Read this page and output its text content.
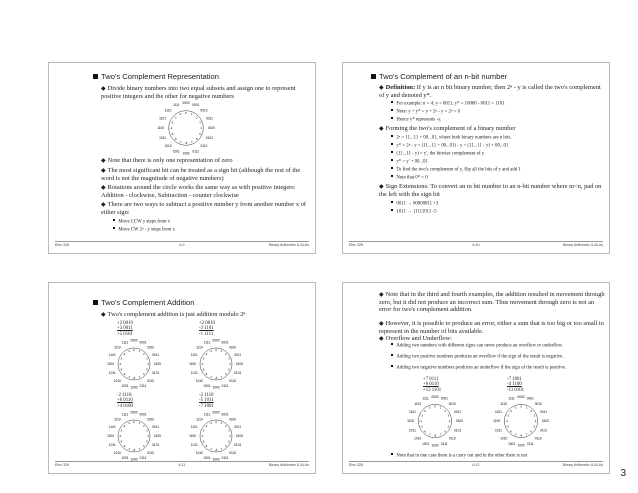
Two's Complement Representation
◆ Divide binary numbers into two equal subsets and assign one to represent positive integers and the other for negative numbers
0000
0
0001
1
0010
2	0011
3
0100
4
0101
5
0110
6
0111
7
1000
-8
1001
-7
1010
-6
1011
-5
1100 -4
1101
-3
1110
-2
1111
-1
◆ Note that there is only one representation of zero
◆ The most significant bit can be treated as a sign bit (although the rest of the word is not the magnitude of negative numbers)
◆ Rotations around the circle works the same way as with positive integers: Addition - clockwise, Subtraction - counter clockwise
◆ There are two ways to subtract a positive number y from another number x of either sign:
Move CCW y steps from x
Move CW 2ⁿ - y steps from x
Elec 326	6.9	Binary Arithmetic & ALUs
Two's Complement of an n-bit number
◆ Definition: If y is an n bit binary number, then 2ⁿ - y is called the two's complement of y and denoted y*.
For example: n = 4; y = 0011, y* = 10000 - 0011 = 1101
Note: y + y* = y + 2ⁿ - y = 2ⁿ = 0
Hence y* represents -y.
◆ Forming the two's complement of a binary number
2ⁿ = 11...11 + 00...01, where both binary numbers are n bits.
y* = 2ⁿ - y = (11...11 + 00...01) - y = (11...11 - y) + 00...01
(11...11 - y) = y', the bitwise complement of y
y* = y' + 00...01
To find the two's complement of y, flip all the bits of y and add 1
Note that 0* = 0
◆ Sign Extensions: To convert an m bit number to an n-bit number where m<n, pad on the left with the sign bit
0011 → 00000011 +3
1011 → 11111011 -5
Elec 326	6.10	Binary Arithmetic & ALUs
Two's Complement Addition
◆ Two's complement addition is just addition modulo 2ⁿ
+2 0010
+3 0011
+5 0101
+2 0010
-3 1101
-1 1111
0000
0
0001
1
0010
2 0011
3
0100
4
0101
5
0110
6
0111
7
1000
-8
1001
-7
1010
-6
1011
-5
1100 -4
1101
-3
1110
-2
1111
-1
0000
0
0001
1
0010
2 0011
3
0100
4
0101
5
0110
6
0111
7
1000
-8
1001
-7
1010
-6
1011
-5
1100 -4
1101
-3
1110
-2
1111
-1
-2 1110
+6 0110
+4 0100
-2 1110
-5 1011
-7 1001
0000
0
0001
1
0010
2 0011
3
0100
4
0101
5
0110
6
0111
7
1000
-8
1001
-7
1010
-6
1011
-5
1100 -4
1101
-3
1110
-2
1111
-1
0000
0
0001
1
0010
2 0011
3
0100
4
0101
5
0110
6
0111
7
1000
-8
1001
-7
1010
-6
1011
-5
1100 -4
1101
-3
1110
-2
1111
-1
Elec 326	6.11	Binary Arithmetic & ALUs
◆ Note that in the third and fourth examples, the addition resulted in movement through zero, but it did not produce an incorrect sum. Thus movement through zero is not an error for two's complement addition.
◆ However, it is possible to produce an error, either a sum that is too big or too small to represent in the number of bits available.
◆ Overflow and Underflow:
Adding two numbers with different signs can never produce an overflow or underflow.
Adding two positive numbers produces an overflow if the sign of the result is negative.
Adding two negative numbers produces an underflow if the sign of the result is positive.
+7 0111
+6 0110
+13 1101
-7 1001
-4 1100
-11 0101
0000
0
0001
1
0010
2	0011
3
0100
4
0101
5
0110
6
0111
7
1000
-8
1001
-7
1010
-6
1011
-5
1100 -4
1101
-3
1110
-2
1111
-1
0000
0
0001
1
0010
2	0011
3
0100
4
0101
5
0110
6
0111
7
1000
-8
1001
-7
1010
-6
1011
-5
1100 -4
1101
-3
1110
-2
1111
-1
Note that in one case there is a carry out and in the other there is not
Elec 326	6.12	Binary Arithmetic & ALUs
3
